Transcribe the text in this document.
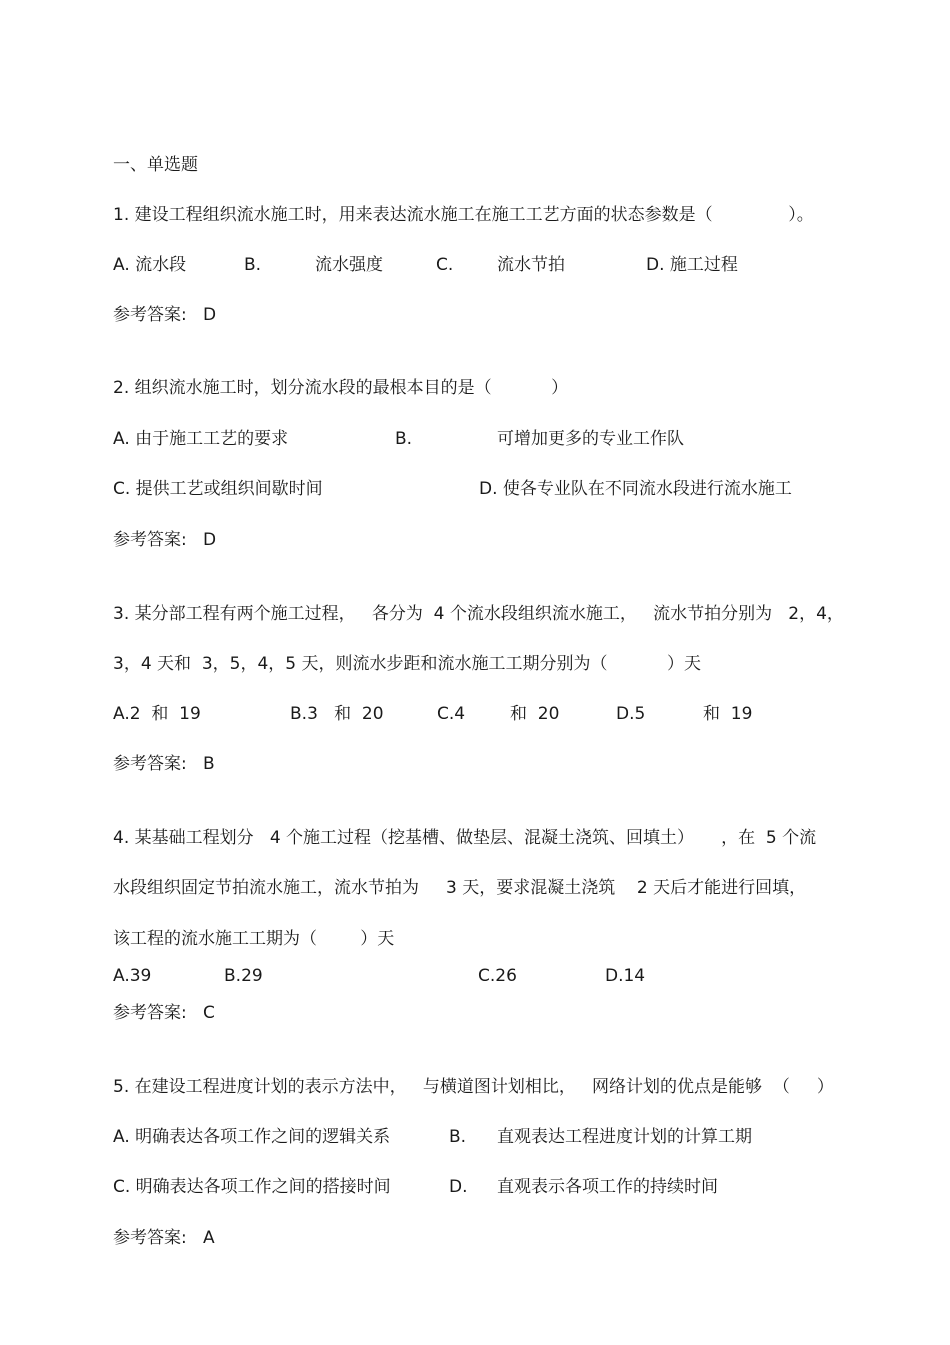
一、单选题
1. 建设工程组织流水施工时，用来表达流水施工在施工工艺方面的状态参数是（              ）。
A. 流水段	B.	流水强度	C.	流水节拍	D. 施工过程
参考答案:   D
2. 组织流水施工时，划分流水段的最根本目的是（           ）
A. 由于施工工艺的要求	B.	可增加更多的专业工作队
C. 提供工艺或组织间歇时间	D. 使各专业队在不同流水段进行流水施工
参考答案:   D
3. 某分部工程有两个施工过程，   各分为  4 个流水段组织流水施工，   流水节拍分别为   2，4，
3，4 天和  3，5，4，5 天，则流水步距和流水施工工期分别为（           ）天
A.2  和  19	B.3   和  20	C.4	和  20	D.5	和  19
参考答案:   B
4. 某基础工程划分   4 个施工过程（挖基槽、做垫层、混凝土浇筑、回填土）     ，在  5 个流
水段组织固定节拍流水施工，流水节拍为     3 天，要求混凝土浇筑    2 天后才能进行回填，
该工程的流水施工工期为（        ）天
A.39	B.29	C.26	D.14
参考答案:   C
5. 在建设工程进度计划的表示方法中，   与横道图计划相比，   网络计划的优点是能够  （     ）
A. 明确表达各项工作之间的逻辑关系	B. 直观表达工程进度计划的计算工期
C. 明确表达各项工作之间的搭接时间	D. 直观表示各项工作的持续时间
参考答案:   A
